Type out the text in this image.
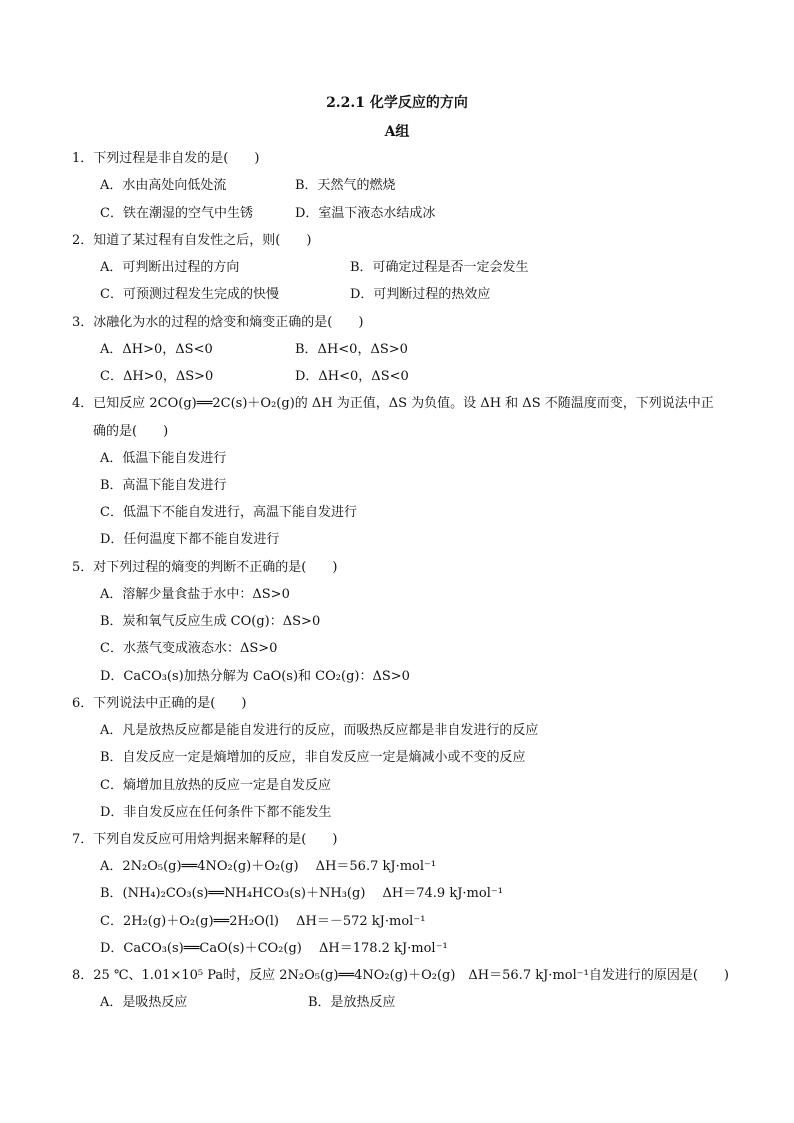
2.2.1 化学反应的方向
A组
1．下列过程是非自发的是(　　)
A．水由高处向低处流	B．天然气的燃烧
C．铁在潮湿的空气中生锈	D．室温下液态水结成冰
2．知道了某过程有自发性之后，则(　　)
A．可判断出过程的方向	B．可确定过程是否一定会发生
C．可预测过程发生完成的快慢	D．可判断过程的热效应
3．冰融化为水的过程的焓变和熵变正确的是(　　)
A．ΔH>0，ΔS<0	B．ΔH<0，ΔS>0
C．ΔH>0，ΔS>0	D．ΔH<0，ΔS<0
4．已知反应 2CO(g)══2C(s)＋O₂(g)的 ΔH 为正值，ΔS 为负值。设 ΔH 和 ΔS 不随温度而变，下列说法中正
确的是(　　)
A．低温下能自发进行
B．高温下能自发进行
C．低温下不能自发进行，高温下能自发进行
D．任何温度下都不能自发进行
5．对下列过程的熵变的判断不正确的是(　　)
A．溶解少量食盐于水中：ΔS>0
B．炭和氧气反应生成 CO(g)：ΔS>0
C．水蒸气变成液态水：ΔS>0
D．CaCO₃(s)加热分解为 CaO(s)和 CO₂(g)：ΔS>0
6．下列说法中正确的是(　　)
A．凡是放热反应都是能自发进行的反应，而吸热反应都是非自发进行的反应
B．自发反应一定是熵增加的反应，非自发反应一定是熵减小或不变的反应
C．熵增加且放热的反应一定是自发反应
D．非自发反应在任何条件下都不能发生
7．下列自发反应可用焓判据来解释的是(　　)
A．2N₂O₅(g)══4NO₂(g)＋O₂(g)　 ΔH＝56.7 kJ·mol⁻¹
B．(NH₄)₂CO₃(s)══NH₄HCO₃(s)＋NH₃(g)　 ΔH＝74.9 kJ·mol⁻¹
C．2H₂(g)＋O₂(g)══2H₂O(l)　 ΔH＝－572 kJ·mol⁻¹
D．CaCO₃(s)══CaO(s)＋CO₂(g)　 ΔH＝178.2 kJ·mol⁻¹
8．25 ℃、1.01×10⁵ Pa时，反应 2N₂O₅(g)══4NO₂(g)＋O₂(g)　ΔH＝56.7 kJ·mol⁻¹自发进行的原因是(　　)
A．是吸热反应	B．是放热反应
